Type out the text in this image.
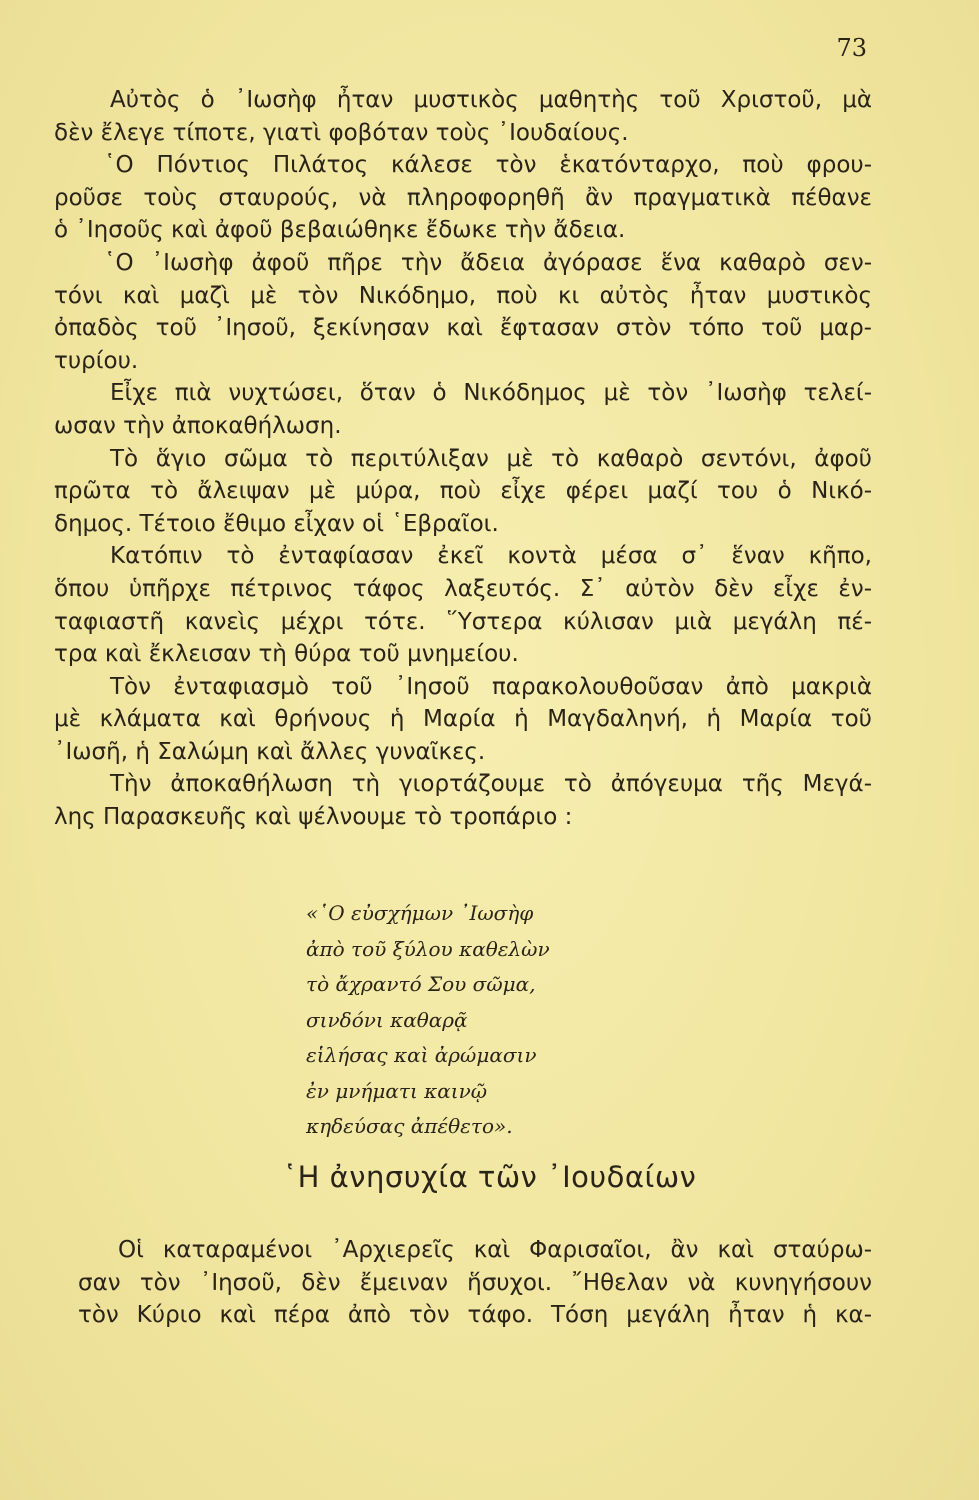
73
Αὐτὸς ὁ ᾿Ιωσὴφ ἦταν μυστικὸς μαθητὴς τοῦ Χριστοῦ, μὰ
δὲν ἔλεγε τίποτε, γιατὶ φοβόταν τοὺς ᾿Ιουδαίους.
῾Ο Πόντιος Πιλάτος κάλεσε τὸν ἑκατόνταρχο, ποὺ φρου-
ροῦσε τοὺς σταυρούς, νὰ πληροφορηθῆ ἂν πραγματικὰ πέθανε
ὁ ᾿Ιησοῦς καὶ ἀφοῦ βεβαιώθηκε ἔδωκε τὴν ἄδεια.
῾Ο ᾿Ιωσὴφ ἀφοῦ πῆρε τὴν ἄδεια ἀγόρασε ἕνα καθαρὸ σεν-
τόνι καὶ μαζὶ μὲ τὸν Νικόδημο, ποὺ κι αὐτὸς ἦταν μυστικὸς
ὀπαδὸς τοῦ ᾿Ιησοῦ, ξεκίνησαν καὶ ἔφτασαν στὸν τόπο τοῦ μαρ-
τυρίου.
Εἶχε πιὰ νυχτώσει, ὅταν ὁ Νικόδημος μὲ τὸν ᾿Ιωσὴφ τελεί-
ωσαν τὴν ἀποκαθήλωση.
Τὸ ἅγιο σῶμα τὸ περιτύλιξαν μὲ τὸ καθαρὸ σεντόνι, ἀφοῦ
πρῶτα τὸ ἄλειψαν μὲ μύρα, ποὺ εἶχε φέρει μαζί του ὁ Νικό-
δημος. Τέτοιο ἔθιμο εἶχαν οἱ ῾Εβραῖοι.
Κατόπιν τὸ ἐνταφίασαν ἐκεῖ κοντὰ μέσα σ᾿ ἕναν κῆπο,
ὅπου ὑπῆρχε πέτρινος τάφος λαξευτός. Σ᾿ αὐτὸν δὲν εἶχε ἐν-
ταφιαστῆ κανεὶς μέχρι τότε. ῞Υστερα κύλισαν μιὰ μεγάλη πέ-
τρα καὶ ἔκλεισαν τὴ θύρα τοῦ μνημείου.
Τὸν ἐνταφιασμὸ τοῦ ᾿Ιησοῦ παρακολουθοῦσαν ἀπὸ μακριὰ
μὲ κλάματα καὶ θρήνους ἡ Μαρία ἡ Μαγδαληνή, ἡ Μαρία τοῦ
᾿Ιωσῆ, ἡ Σαλώμη καὶ ἄλλες γυναῖκες.
Τὴν ἀποκαθήλωση τὴ γιορτάζουμε τὸ ἀπόγευμα τῆς Μεγά-
λης Παρασκευῆς καὶ ψέλνουμε τὸ τροπάριο :
«῾Ο εὐσχήμων ᾿Ιωσὴφ
ἀπὸ τοῦ ξύλου καθελὼν
τὸ ἄχραντό Σου σῶμα,
σινδόνι καθαρᾷ
εἱλήσας καὶ ἀρώμασιν
ἐν μνήματι καινῷ
κηδεύσας ἀπέθετο».
῾Η ἀνησυχία τῶν ᾿Ιουδαίων
Οἱ καταραμένοι ᾿Αρχιερεῖς καὶ Φαρισαῖοι, ἂν καὶ σταύρω-
σαν τὸν ᾿Ιησοῦ, δὲν ἔμειναν ἥσυχοι. ῎Ηθελαν νὰ κυνηγήσουν
τὸν Κύριο καὶ πέρα ἀπὸ τὸν τάφο. Τόση μεγάλη ἦταν ἡ κα-
